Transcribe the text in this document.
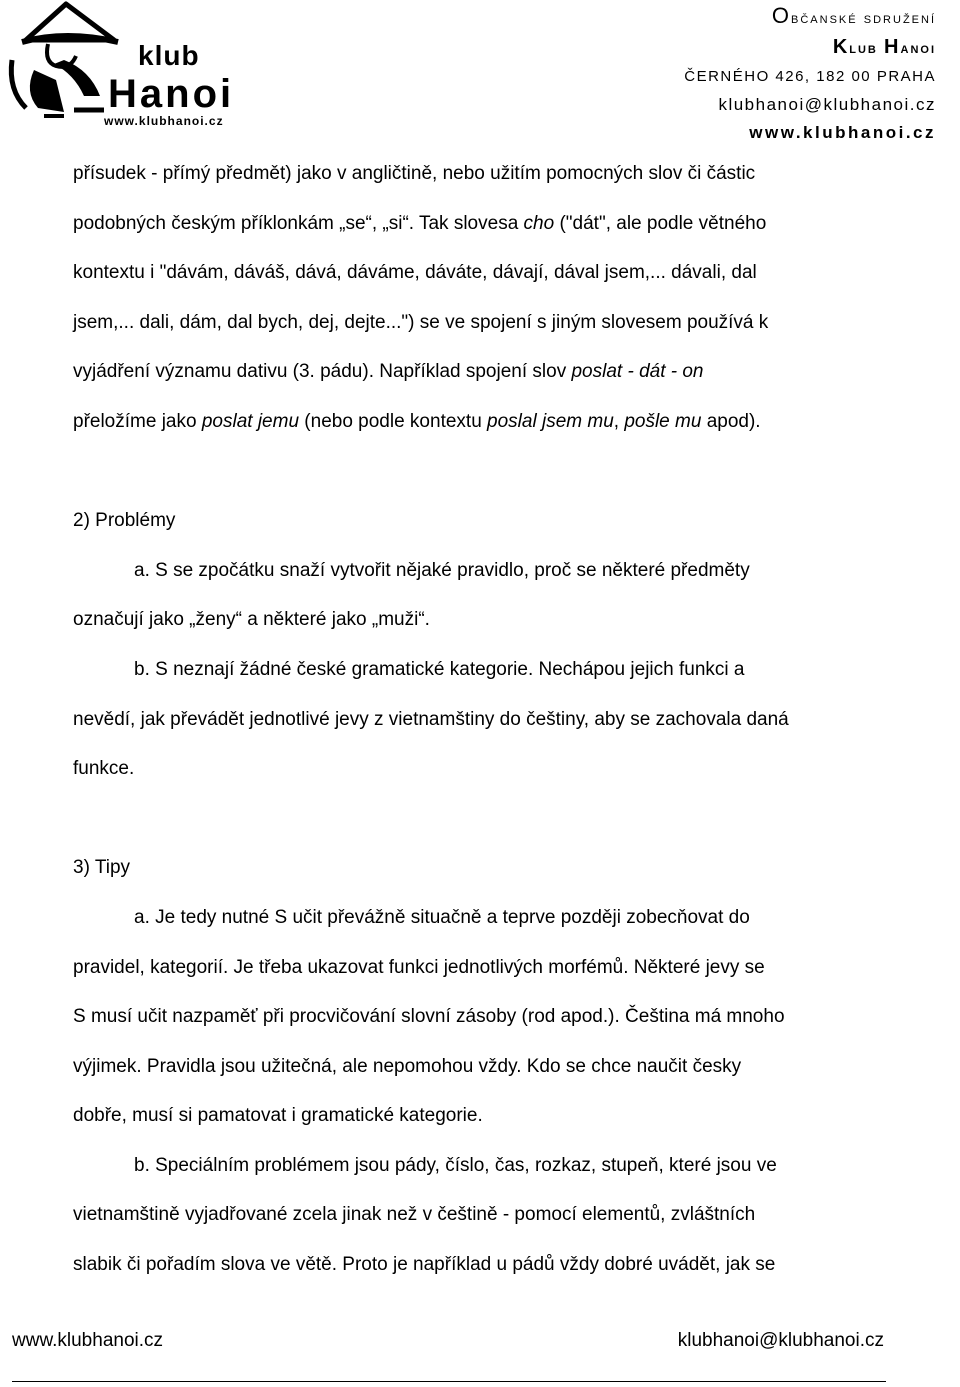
klub
Hanoi
www.klubhanoi.cz
Občanské sdružení
Klub Hanoi
ČERNÉHO 426, 182 00 PRAHA
klubhanoi@klubhanoi.cz
www.klubhanoi.cz

přísudek - přímý předmět) jako v angličtině, nebo užitím pomocných slov či částic

podobných českým příklonkám „se“, „si“. Tak slovesa cho ("dát", ale podle větného

kontextu i "dávám, dáváš, dává, dáváme, dáváte, dávají, dával jsem,... dávali, dal

jsem,... dali, dám, dal bych, dej, dejte...") se ve spojení s jiným slovesem používá k

vyjádření významu dativu (3. pádu). Například spojení slov poslat - dát - on

přeložíme jako poslat jemu (nebo podle kontextu poslal jsem mu, pošle mu apod).

2) Problémy

a. S se zpočátku snaží vytvořit nějaké pravidlo, proč se některé předměty

označují jako „ženy“ a některé jako „muži“.

b. S neznají žádné české gramatické kategorie. Nechápou jejich funkci a

nevědí, jak převádět jednotlivé jevy z vietnamštiny do češtiny, aby se zachovala daná

funkce.

3) Tipy

a. Je tedy nutné S učit převážně situačně a teprve později zobecňovat do

pravidel, kategorií. Je třeba ukazovat funkci jednotlivých morfémů. Některé jevy se

S musí učit nazpaměť při procvičování slovní zásoby (rod apod.). Čeština má mnoho

výjimek. Pravidla jsou užitečná, ale nepomohou vždy. Kdo se chce naučit česky

dobře, musí si pamatovat i gramatické kategorie.

b. Speciálním problémem jsou pády, číslo, čas, rozkaz, stupeň, které jsou ve

vietnamštině vyjadřované zcela jinak než v češtině - pomocí elementů, zvláštních

slabik či pořadím slova ve větě. Proto je například u pádů vždy dobré uvádět, jak se

www.klubhanoi.cz	klubhanoi@klubhanoi.cz
